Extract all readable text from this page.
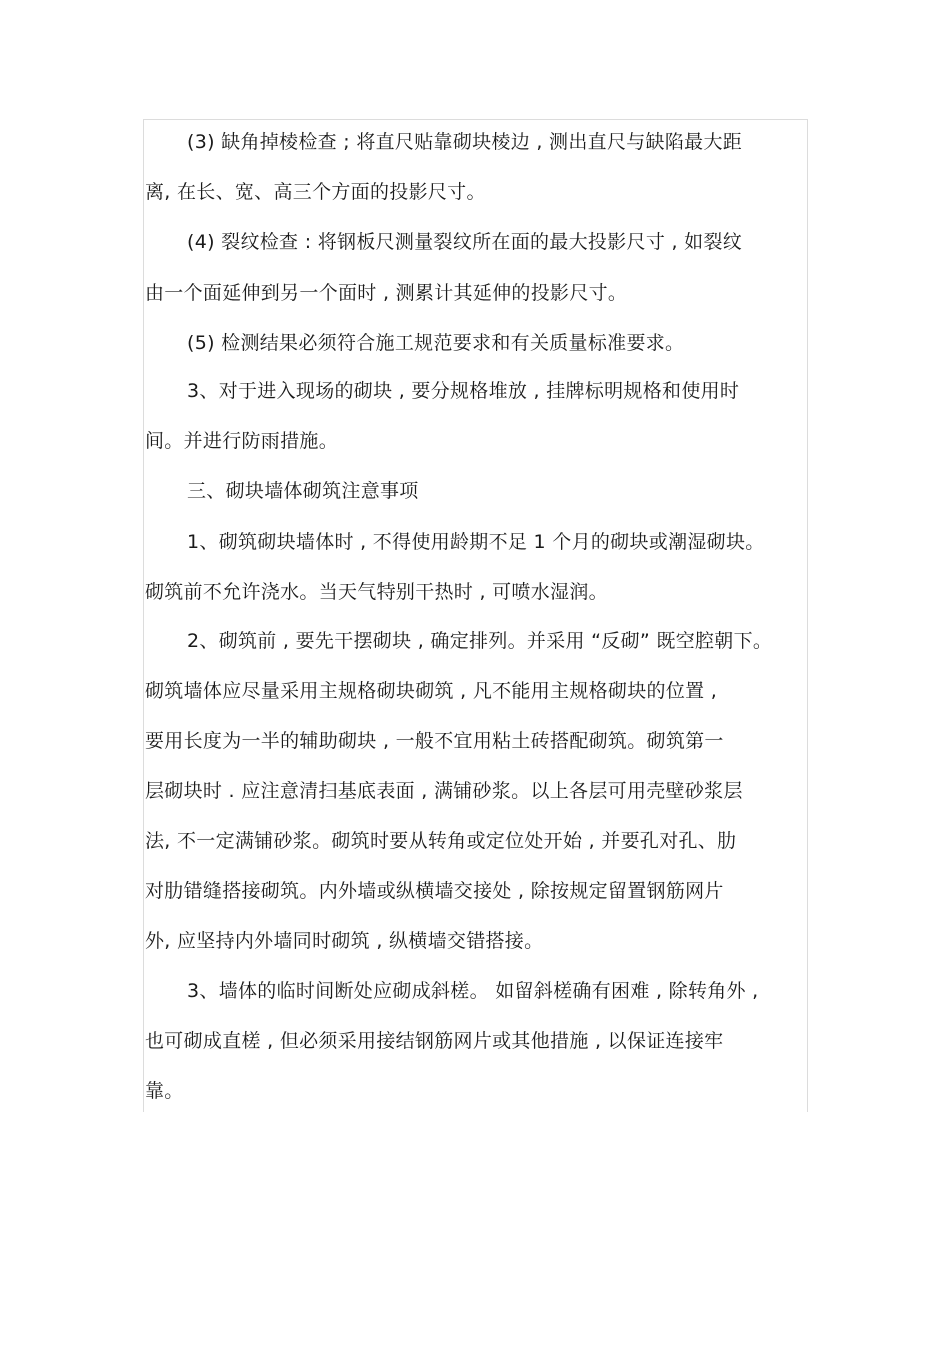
(3) 缺角掉棱检查 ; 将直尺贴靠砌块棱边 , 测出直尺与缺陷最大距
离, 在长、宽、高三个方面的投影尺寸。
(4) 裂纹检查 : 将钢板尺测量裂纹所在面的最大投影尺寸 , 如裂纹
由一个面延伸到另一个面时 , 测累计其延伸的投影尺寸。
(5) 检测结果必须符合施工规范要求和有关质量标准要求。
3、对于进入现场的砌块 , 要分规格堆放 , 挂牌标明规格和使用时
间。并进行防雨措施。
三、砌块墙体砌筑注意事项
1、砌筑砌块墙体时 , 不得使用龄期不足 1 个月的砌块或潮湿砌块。
砌筑前不允许浇水。当天气特别干热时 , 可喷水湿润。
2、砌筑前 , 要先干摆砌块 , 确定排列。并采用 “反砌” 既空腔朝下。
砌筑墙体应尽量采用主规格砌块砌筑 , 凡不能用主规格砌块的位置 ,
要用长度为一半的辅助砌块 , 一般不宜用粘土砖搭配砌筑。砌筑第一
层砌块时 . 应注意清扫基底表面 , 满铺砂浆。以上各层可用壳壁砂浆层
法, 不一定满铺砂浆。砌筑时要从转角或定位处开始 , 并要孔对孔、肋
对肋错缝搭接砌筑。内外墙或纵横墙交接处 , 除按规定留置钢筋网片
外, 应坚持内外墙同时砌筑 , 纵横墙交错搭接。
3、墙体的临时间断处应砌成斜槎。 如留斜槎确有困难 , 除转角外 ,
也可砌成直槎 , 但必须采用接结钢筋网片或其他措施 , 以保证连接牢
靠。
